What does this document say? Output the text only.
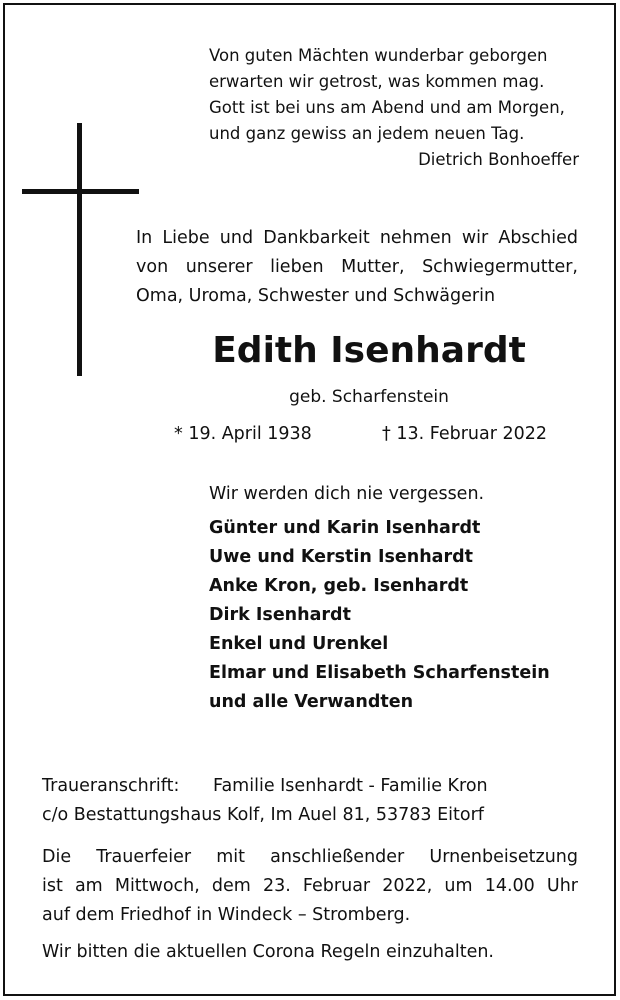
Von guten Mächten wunderbar geborgen
erwarten wir getrost, was kommen mag.
Gott ist bei uns am Abend und am Morgen,
und ganz gewiss an jedem neuen Tag.
Dietrich Bonhoeffer
In Liebe und Dankbarkeit nehmen wir Abschied
von unserer lieben Mutter, Schwiegermutter,
Oma, Uroma, Schwester und Schwägerin
Edith Isenhardt
geb. Scharfenstein
* 19. April 1938	† 13. Februar 2022
Wir werden dich nie vergessen.
Günter und Karin Isenhardt
Uwe und Kerstin Isenhardt
Anke Kron, geb. Isenhardt
Dirk Isenhardt
Enkel und Urenkel
Elmar und Elisabeth Scharfenstein
und alle Verwandten
Traueranschrift: Familie Isenhardt - Familie Kron
c/o Bestattungshaus Kolf, Im Auel 81, 53783 Eitorf
Die Trauerfeier mit anschließender Urnenbeisetzung
ist am Mittwoch, dem 23. Februar 2022, um 14.00 Uhr
auf dem Friedhof in Windeck – Stromberg.
Wir bitten die aktuellen Corona Regeln einzuhalten.
